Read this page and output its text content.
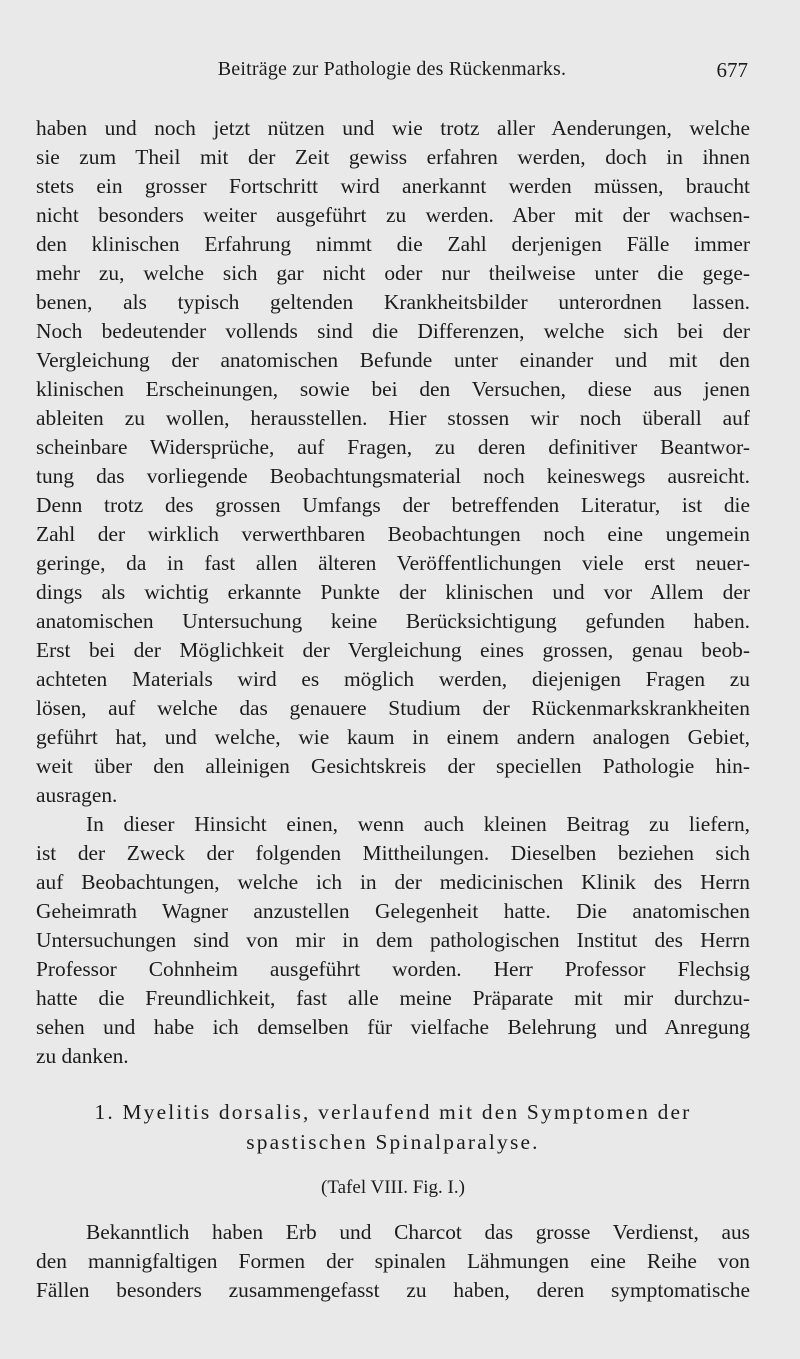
Beiträge zur Pathologie des Rückenmarks.	677
haben und noch jetzt nützen und wie trotz aller Aenderungen, welche
sie zum Theil mit der Zeit gewiss erfahren werden, doch in ihnen
stets ein grosser Fortschritt wird anerkannt werden müssen, braucht
nicht besonders weiter ausgeführt zu werden. Aber mit der wachsen-
den klinischen Erfahrung nimmt die Zahl derjenigen Fälle immer
mehr zu, welche sich gar nicht oder nur theilweise unter die gege-
benen, als typisch geltenden Krankheitsbilder unterordnen lassen.
Noch bedeutender vollends sind die Differenzen, welche sich bei der
Vergleichung der anatomischen Befunde unter einander und mit den
klinischen Erscheinungen, sowie bei den Versuchen, diese aus jenen
ableiten zu wollen, herausstellen. Hier stossen wir noch überall auf
scheinbare Widersprüche, auf Fragen, zu deren definitiver Beantwor-
tung das vorliegende Beobachtungsmaterial noch keineswegs ausreicht.
Denn trotz des grossen Umfangs der betreffenden Literatur, ist die
Zahl der wirklich verwerthbaren Beobachtungen noch eine ungemein
geringe, da in fast allen älteren Veröffentlichungen viele erst neuer-
dings als wichtig erkannte Punkte der klinischen und vor Allem der
anatomischen Untersuchung keine Berücksichtigung gefunden haben.
Erst bei der Möglichkeit der Vergleichung eines grossen, genau beob-
achteten Materials wird es möglich werden, diejenigen Fragen zu
lösen, auf welche das genauere Studium der Rückenmarkskrankheiten
geführt hat, und welche, wie kaum in einem andern analogen Gebiet,
weit über den alleinigen Gesichtskreis der speciellen Pathologie hin-
ausragen.
In dieser Hinsicht einen, wenn auch kleinen Beitrag zu liefern,
ist der Zweck der folgenden Mittheilungen. Dieselben beziehen sich
auf Beobachtungen, welche ich in der medicinischen Klinik des Herrn
Geheimrath Wagner anzustellen Gelegenheit hatte. Die anatomischen
Untersuchungen sind von mir in dem pathologischen Institut des Herrn
Professor Cohnheim ausgeführt worden. Herr Professor Flechsig
hatte die Freundlichkeit, fast alle meine Präparate mit mir durchzu-
sehen und habe ich demselben für vielfache Belehrung und Anregung
zu danken.
1. Myelitis dorsalis, verlaufend mit den Symptomen der
spastischen Spinalparalyse.
(Tafel VIII. Fig. I.)
Bekanntlich haben Erb und Charcot das grosse Verdienst, aus
den mannigfaltigen Formen der spinalen Lähmungen eine Reihe von
Fällen besonders zusammengefasst zu haben, deren symptomatische
